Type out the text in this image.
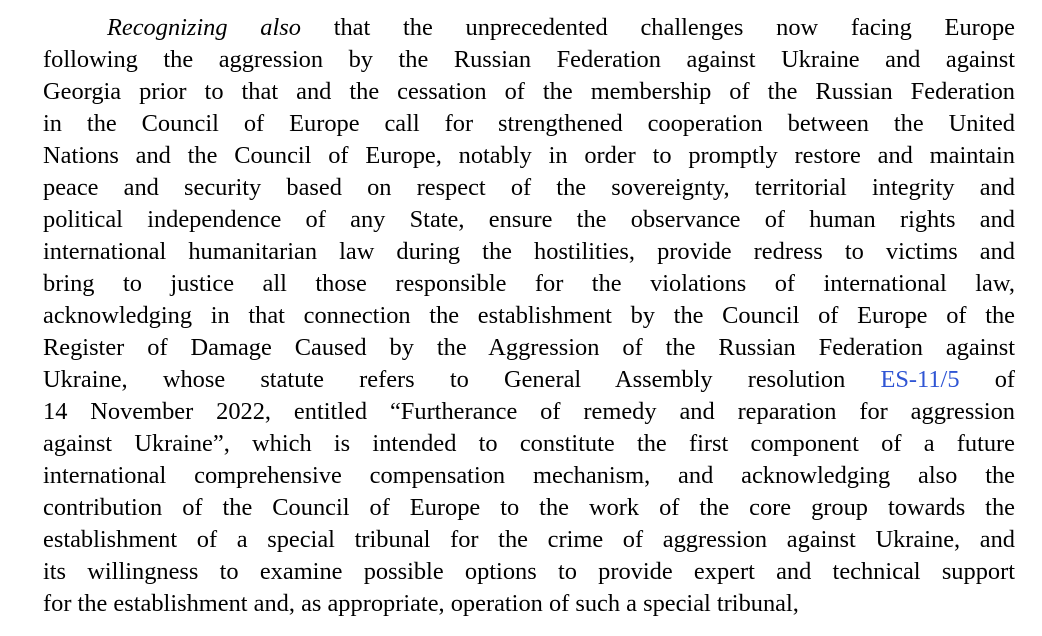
Recognizing also that the unprecedented challenges now facing Europe
following the aggression by the Russian Federation against Ukraine and against
Georgia prior to that and the cessation of the membership of the Russian Federation
in the Council of Europe call for strengthened cooperation between the United
Nations and the Council of Europe, notably in order to promptly restore and maintain
peace and security based on respect of the sovereignty, territorial integrity and
political independence of any State, ensure the observance of human rights and
international humanitarian law during the hostilities, provide redress to victims and
bring to justice all those responsible for the violations of international law,
acknowledging in that connection the establishment by the Council of Europe of the
Register of Damage Caused by the Aggression of the Russian Federation against
Ukraine, whose statute refers to General Assembly resolution ES-11/5 of
14 November 2022, entitled “Furtherance of remedy and reparation for aggression
against Ukraine”, which is intended to constitute the first component of a future
international comprehensive compensation mechanism, and acknowledging also the
contribution of the Council of Europe to the work of the core group towards the
establishment of a special tribunal for the crime of aggression against Ukraine, and
its willingness to examine possible options to provide expert and technical support
for the establishment and, as appropriate, operation of such a special tribunal,
